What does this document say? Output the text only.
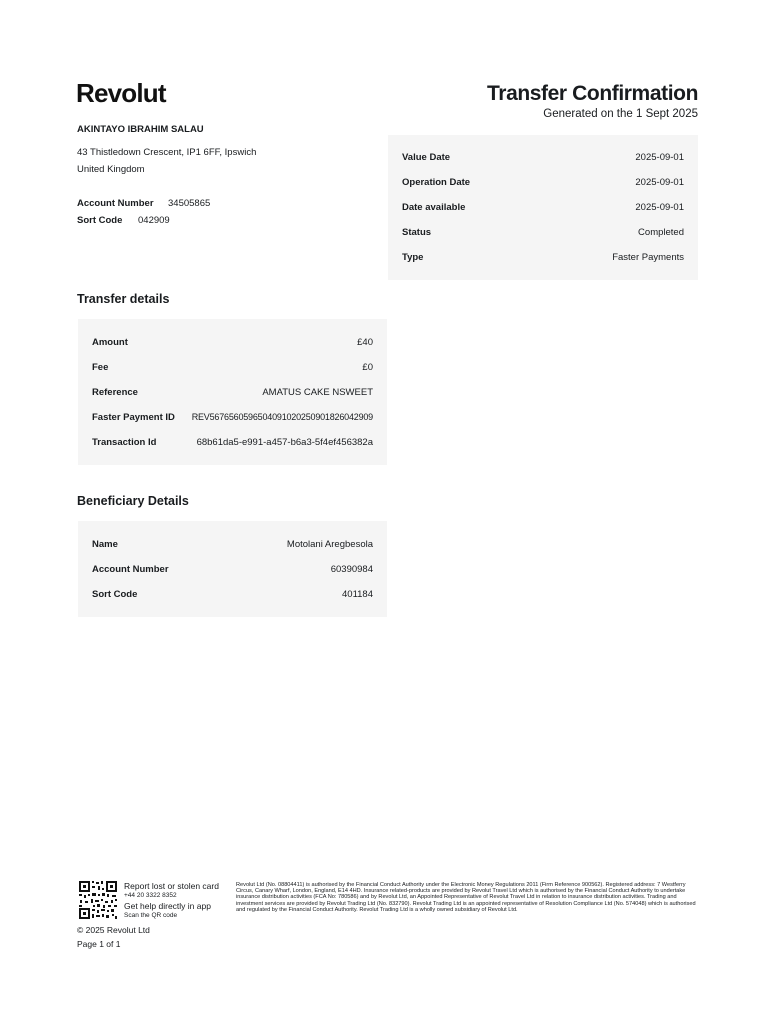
Revolut	Transfer Confirmation
Generated on the 1 Sept 2025
AKINTAYO IBRAHIM SALAU
43 Thistledown Crescent, IP1 6FF, Ipswich
United Kingdom
Account Number 34505865
Sort Code 042909
Value Date	2025-09-01
Operation Date	2025-09-01
Date available	2025-09-01
Status	Completed
Type	Faster Payments
Transfer details
Amount	£40
Fee	£0
Reference	AMATUS CAKE NSWEET
Faster Payment ID REV567656059650409102025090182604290​9
Transaction Id	68b61da5-e991-a457-b6a3-5f4ef456382a
Beneficiary Details
Name	Motolani Aregbesola
Account Number	60390984
Sort Code	401184
Report lost or stolen card
+44 20 3322 8352
Get help directly in app
Scan the QR code
Revolut Ltd (No. 08804411) is authorised by the Financial Conduct Authority under the Electronic Money Regulations 2011 (Firm Reference 900562). Registered address: 7 Westferry Circus, Canary Wharf, London, England, E14 4HD. Insurance related-products are provided by Revolut Travel Ltd which is authorised by the Financial Conduct Authority to undertake insurance distribution activities (FCA No: 780586) and by Revolut Ltd, an Appointed Representative of Revolut Travel Ltd in relation to insurance distribution activities. Trading and investment services are provided by Revolut Trading Ltd (No. 832790). Revolut Trading Ltd is an appointed representative of Resolution Compliance Ltd (No. 574048) which is authorised and regulated by the Financial Conduct Authority. Revolut Trading Ltd is a wholly owned subsidiary of Revolut Ltd.
© 2025 Revolut Ltd
Page 1 of 1
